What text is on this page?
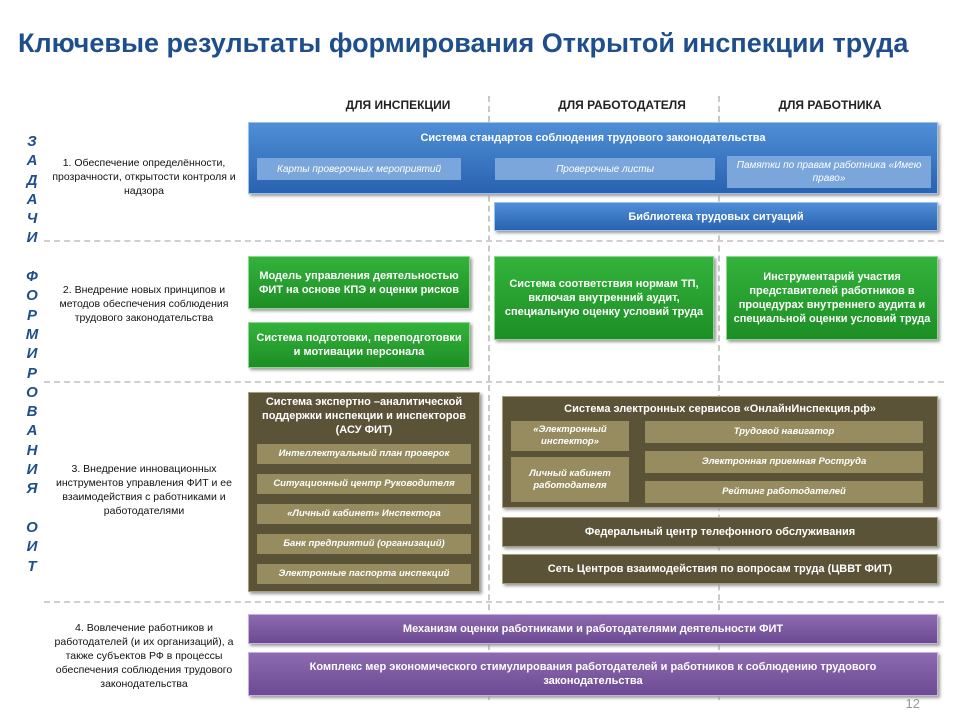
Ключевые результаты формирования Открытой инспекции труда
ДЛЯ ИНСПЕКЦИИ	ДЛЯ РАБОТОДАТЕЛЯ	ДЛЯ РАБОТНИКА
З
А
Д
А
Ч
И
Ф
О
Р
М
И
Р
О
В
А
Н
И
Я
О
И
Т
1. Обеспечение определённости, прозрачности, открытости контроля и надзора
2. Внедрение новых принципов и методов обеспечения соблюдения трудового законодательства
3. Внедрение инновационных инструментов управления ФИТ и ее взаимодействия с работниками и работодателями
4. Вовлечение работников и работодателей (и их организаций), а также субъектов РФ в процессы обеспечения соблюдения трудового законодательства
Система стандартов соблюдения трудового законодательства
Карты проверочных мероприятий	Проверочные листы	Памятки по правам работника «Имею право»
Библиотека трудовых ситуаций
Модель управления деятельностью ФИТ на основе КПЭ и оценки рисков
Система подготовки, переподготовки и мотивации персонала
Система соответствия нормам ТП, включая внутренний аудит, специальную оценку условий труда
Инструментарий участия представителей работников в процедурах внутреннего аудита и специальной оценки условий труда
Система экспертно –аналитической поддержки инспекции и инспекторов (АСУ ФИТ)
Интеллектуальный план проверок
Ситуационный центр Руководителя
«Личный кабинет» Инспектора
Банк предприятий (организаций)
Электронные паспорта инспекций
Система электронных сервисов «ОнлайнИнспекция.рф»
«Электронный инспектор»
Личный кабинет работодателя
Трудовой навигатор
Электронная приемная Роструда
Рейтинг работодателей
Федеральный центр телефонного обслуживания
Сеть Центров взаимодействия по вопросам труда (ЦВВТ ФИТ)
Механизм оценки работниками и работодателями деятельности ФИТ
Комплекс мер экономического стимулирования работодателей и работников к соблюдению трудового законодательства
12
